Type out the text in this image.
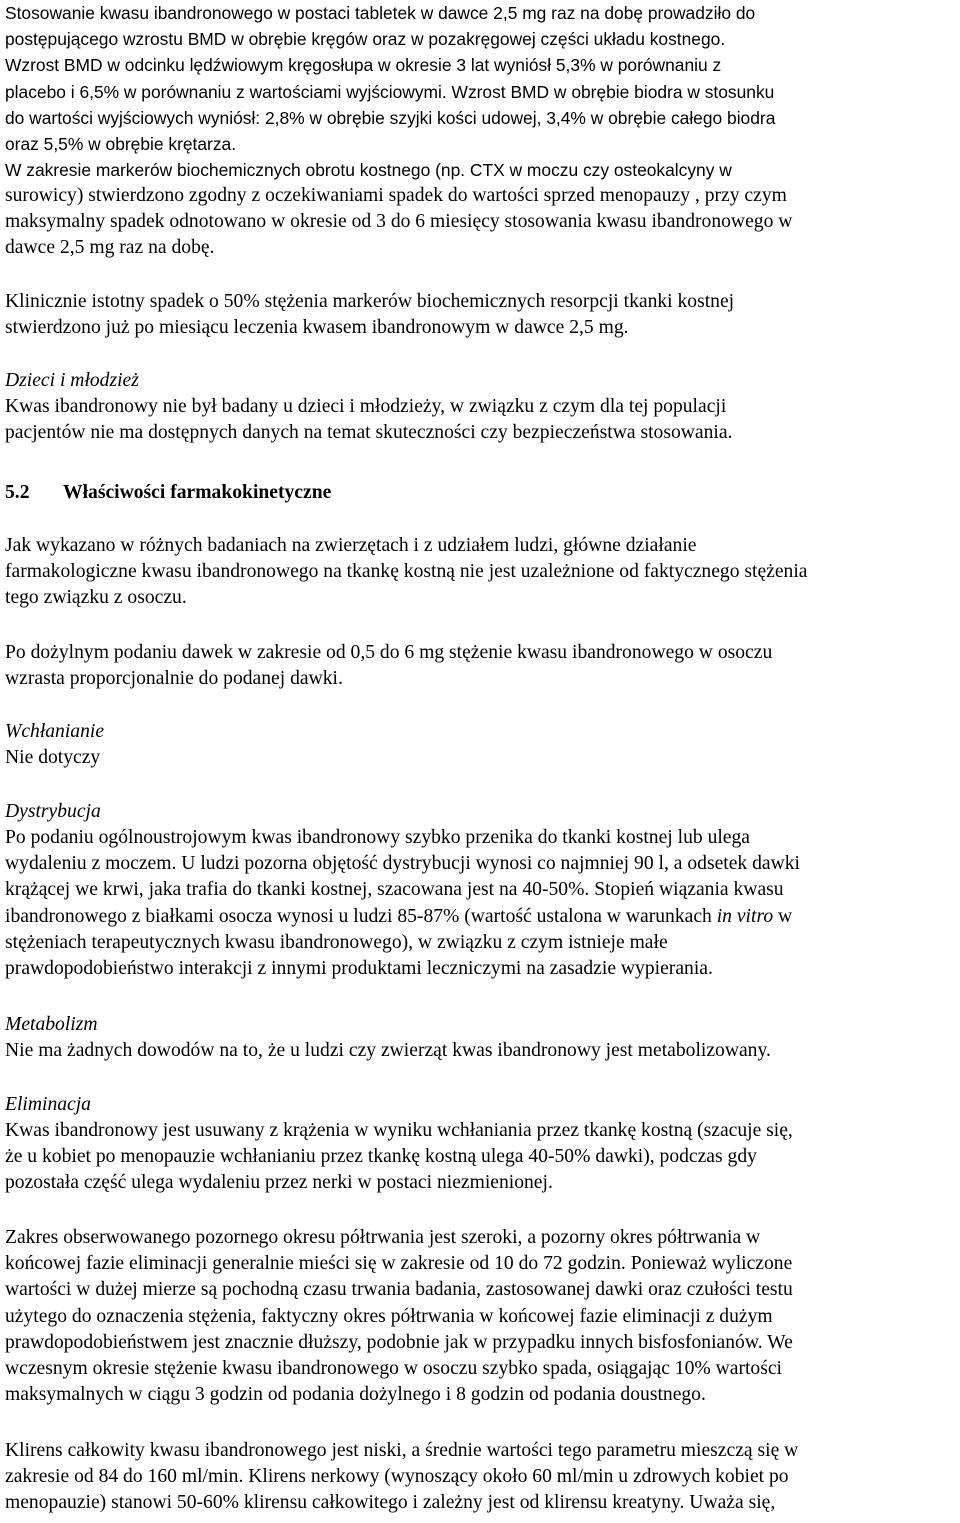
Stosowanie kwasu ibandronowego w postaci tabletek w dawce 2,5 mg raz na dobę prowadziło do
postępującego wzrostu BMD w obrębie kręgów oraz w pozakręgowej części układu kostnego.
Wzrost BMD w odcinku lędźwiowym kręgosłupa w okresie 3 lat wyniósł 5,3% w porównaniu z
placebo i 6,5% w porównaniu z wartościami wyjściowymi. Wzrost BMD w obrębie biodra w stosunku
do wartości wyjściowych wyniósł: 2,8% w obrębie szyjki kości udowej, 3,4% w obrębie całego biodra
oraz 5,5% w obrębie krętarza.
W zakresie markerów biochemicznych obrotu kostnego (np. CTX w moczu czy osteokalcyny w
surowicy) stwierdzono zgodny z oczekiwaniami spadek do wartości sprzed menopauzy , przy czym
maksymalny spadek odnotowano w okresie od 3 do 6 miesięcy stosowania kwasu ibandronowego w
dawce 2,5 mg raz na dobę.
Klinicznie istotny spadek o 50% stężenia markerów biochemicznych resorpcji tkanki kostnej
stwierdzono już po miesiącu leczenia kwasem ibandronowym w dawce 2,5 mg.
Dzieci i młodzież
Kwas ibandronowy nie był badany u dzieci i młodzieży, w związku z czym dla tej populacji
pacjentów nie ma dostępnych danych na temat skuteczności czy bezpieczeństwa stosowania.
5.2 Właściwości farmakokinetyczne
Jak wykazano w różnych badaniach na zwierzętach i z udziałem ludzi, główne działanie
farmakologiczne kwasu ibandronowego na tkankę kostną nie jest uzależnione od faktycznego stężenia
tego związku z osoczu.
Po dożylnym podaniu dawek w zakresie od 0,5 do 6 mg stężenie kwasu ibandronowego w osoczu
wzrasta proporcjonalnie do podanej dawki.
Wchłanianie
Nie dotyczy
Dystrybucja
Po podaniu ogólnoustrojowym kwas ibandronowy szybko przenika do tkanki kostnej lub ulega
wydaleniu z moczem. U ludzi pozorna objętość dystrybucji wynosi co najmniej 90 l, a odsetek dawki
krążącej we krwi, jaka trafia do tkanki kostnej, szacowana jest na 40-50%. Stopień wiązania kwasu
ibandronowego z białkami osocza wynosi u ludzi 85-87% (wartość ustalona w warunkach in vitro w
stężeniach terapeutycznych kwasu ibandronowego), w związku z czym istnieje małe
prawdopodobieństwo interakcji z innymi produktami leczniczymi na zasadzie wypierania.
Metabolizm
Nie ma żadnych dowodów na to, że u ludzi czy zwierząt kwas ibandronowy jest metabolizowany.
Eliminacja
Kwas ibandronowy jest usuwany z krążenia w wyniku wchłaniania przez tkankę kostną (szacuje się,
że u kobiet po menopauzie wchłanianiu przez tkankę kostną ulega 40-50% dawki), podczas gdy
pozostała część ulega wydaleniu przez nerki w postaci niezmienionej.
Zakres obserwowanego pozornego okresu półtrwania jest szeroki, a pozorny okres półtrwania w
końcowej fazie eliminacji generalnie mieści się w zakresie od 10 do 72 godzin. Ponieważ wyliczone
wartości w dużej mierze są pochodną czasu trwania badania, zastosowanej dawki oraz czułości testu
użytego do oznaczenia stężenia, faktyczny okres półtrwania w końcowej fazie eliminacji z dużym
prawdopodobieństwem jest znacznie dłuższy, podobnie jak w przypadku innych bisfosfonianów. We
wczesnym okresie stężenie kwasu ibandronowego w osoczu szybko spada, osiągając 10% wartości
maksymalnych w ciągu 3 godzin od podania dożylnego i 8 godzin od podania doustnego.
Klirens całkowity kwasu ibandronowego jest niski, a średnie wartości tego parametru mieszczą się w
zakresie od 84 do 160 ml/min. Klirens nerkowy (wynoszący około 60 ml/min u zdrowych kobiet po
menopauzie) stanowi 50-60% klirensu całkowitego i zależny jest od klirensu kreatyny. Uważa się,
